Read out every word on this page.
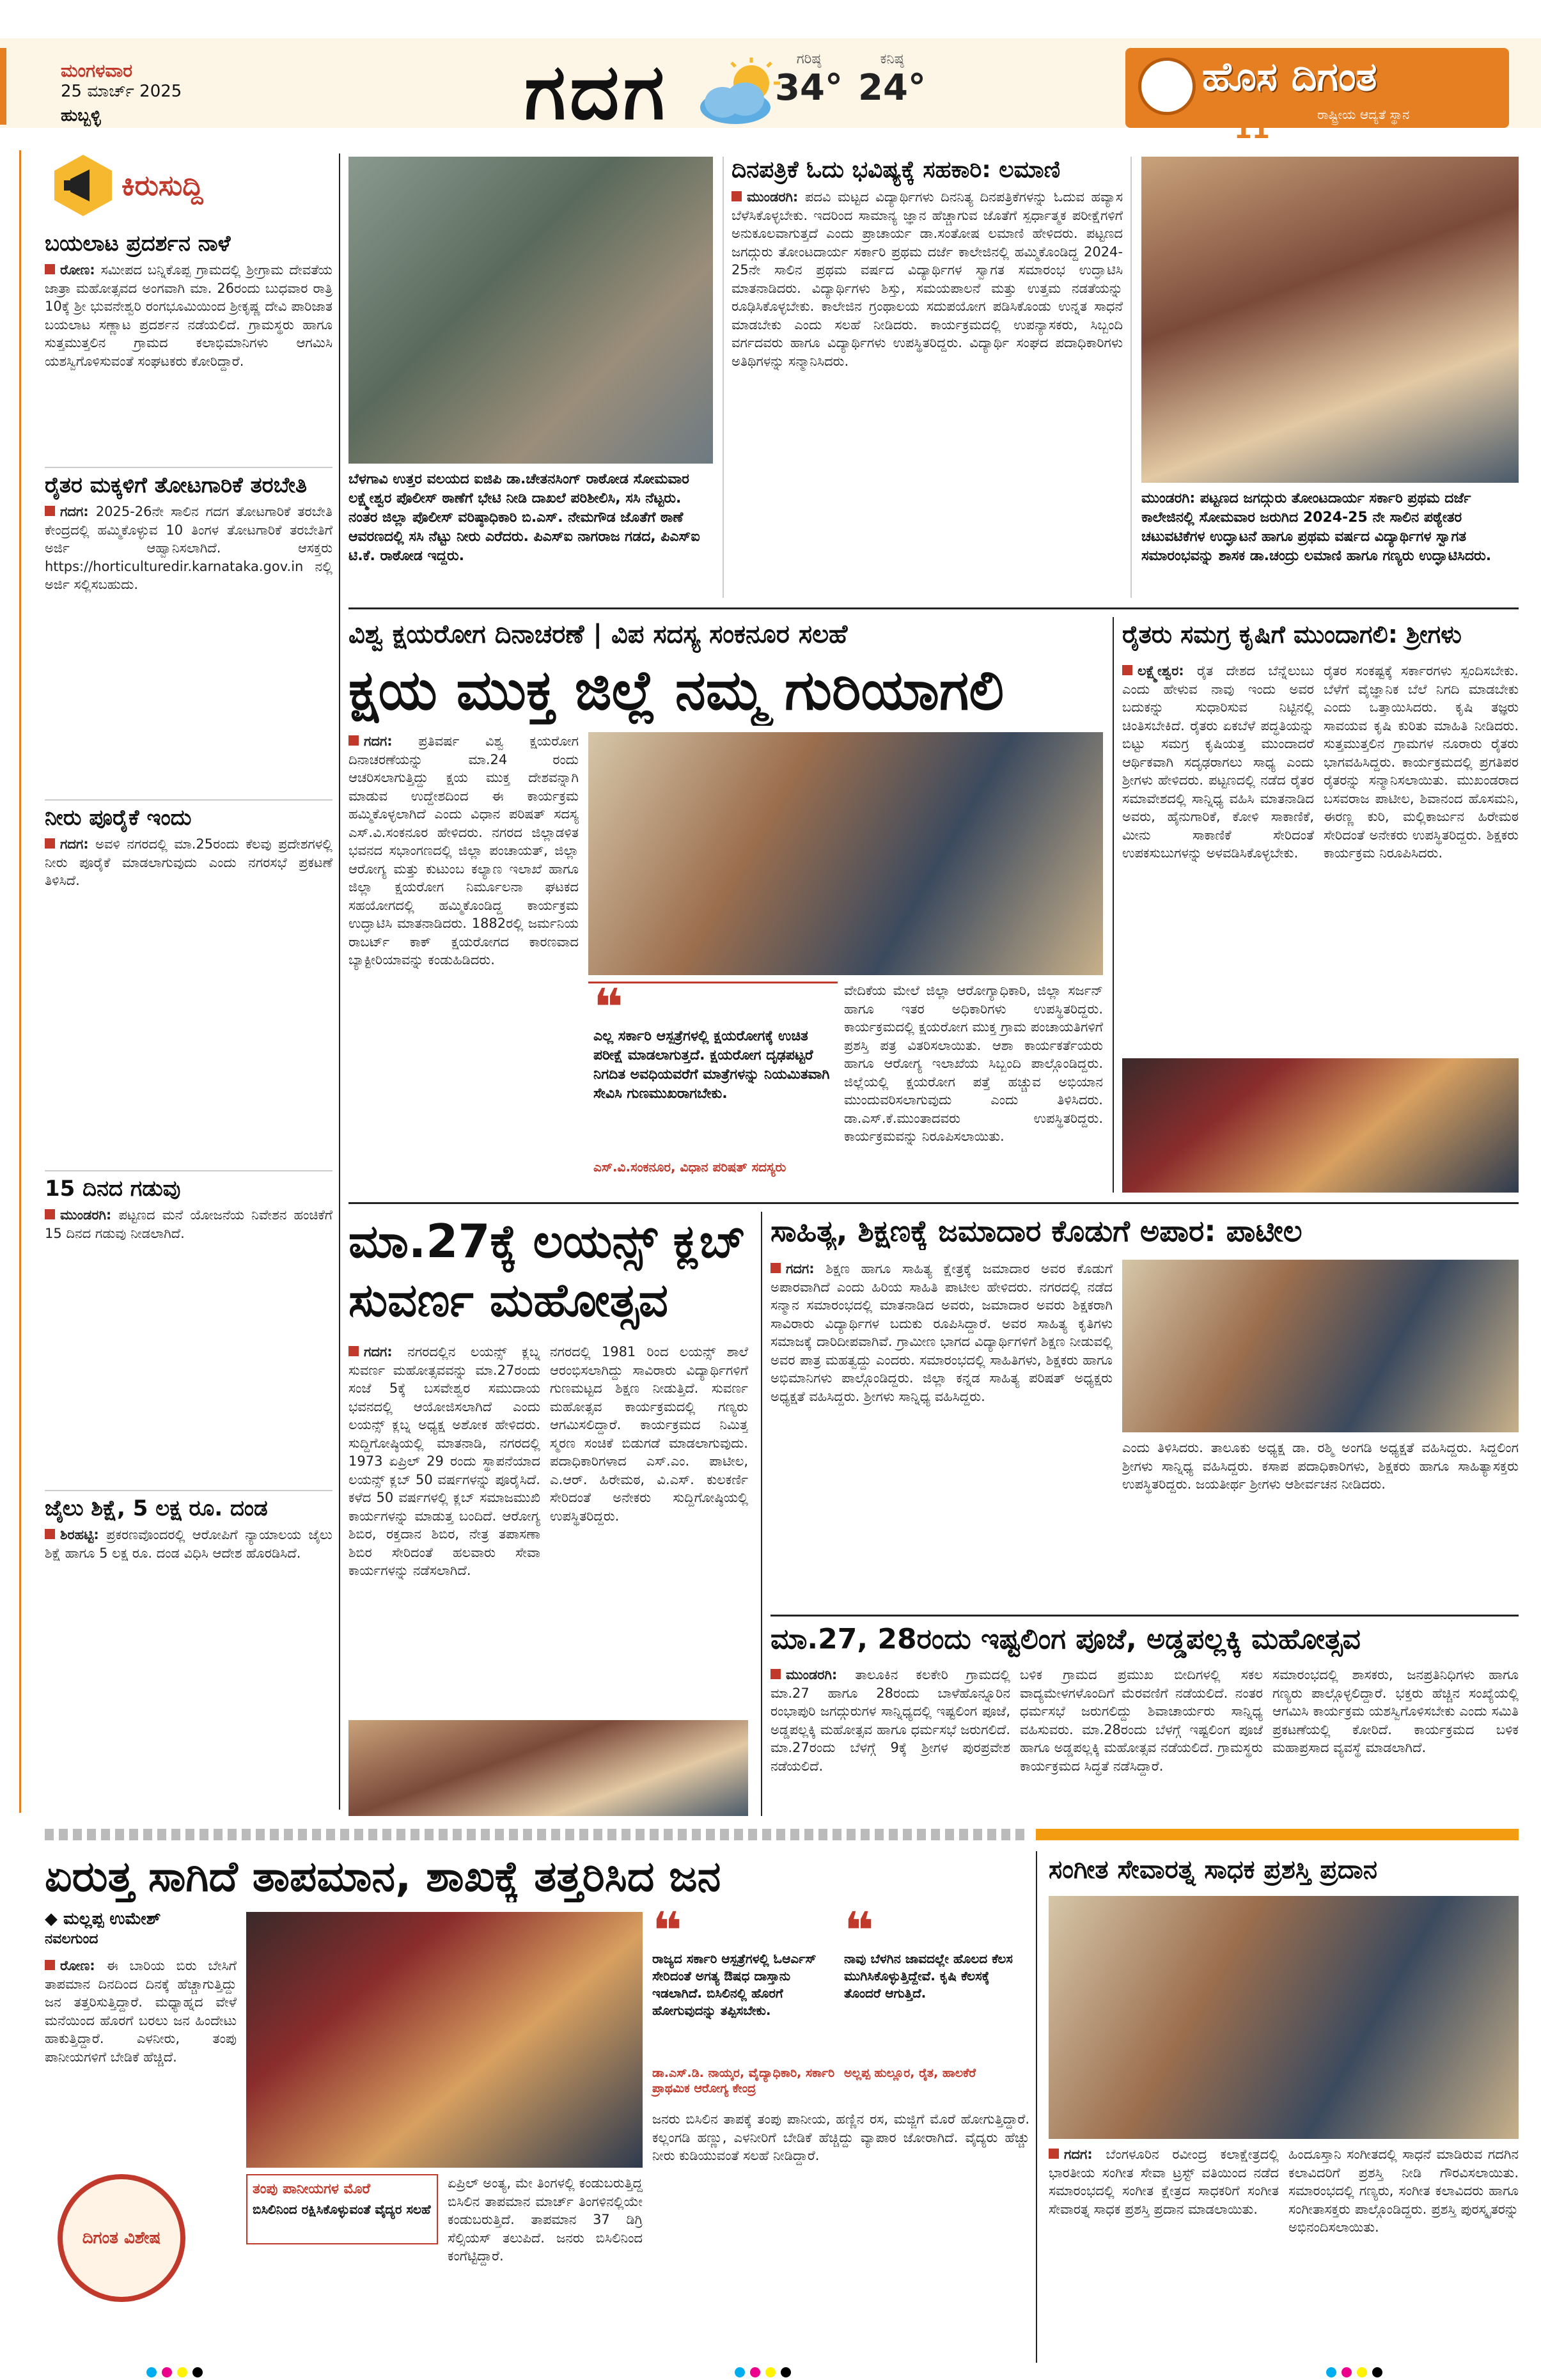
ಮಂಗಳವಾರ
25 ಮಾರ್ಚ್ 2025
ಹುಬ್ಬಳ್ಳಿ	ಗದಗ	ಗರಿಷ್ಠ
34°
ಕನಿಷ್ಠ
24°	ಹೊಸ ದಿಗಂತ
ರಾಷ್ಟ್ರೀಯ ಆದ್ಯತೆ ಸ್ಥಾನ
11
ಕಿರುಸುದ್ದಿ
ಬಯಲಾಟ ಪ್ರದರ್ಶನ ನಾಳೆ
ರೋಣ: ಸಮೀಪದ ಬನ್ನಿಕೊಪ್ಪ ಗ್ರಾಮದಲ್ಲಿ ಶ್ರೀಗ್ರಾಮ ದೇವತೆಯ ಜಾತ್ರಾ ಮಹೋತ್ಸವದ ಅಂಗವಾಗಿ ಮಾ. 26ರಂದು ಬುಧವಾರ ರಾತ್ರಿ 10ಕ್ಕೆ ಶ್ರೀ ಭುವನೇಶ್ವರಿ ರಂಗಭೂಮಿಯಿಂದ ಶ್ರೀಕೃಷ್ಣ ದೇವಿ ಪಾರಿಜಾತ ಬಯಲಾಟ ಸಣ್ಣಾಟ ಪ್ರದರ್ಶನ ನಡೆಯಲಿದೆ. ಗ್ರಾಮಸ್ಥರು ಹಾಗೂ ಸುತ್ತಮುತ್ತಲಿನ ಗ್ರಾಮದ ಕಲಾಭಿಮಾನಿಗಳು ಆಗಮಿಸಿ ಯಶಸ್ವಿಗೊಳಿಸುವಂತೆ ಸಂಘಟಕರು ಕೋರಿದ್ದಾರೆ.
ರೈತರ ಮಕ್ಕಳಿಗೆ ತೋಟಗಾರಿಕೆ ತರಬೇತಿ
ಗದಗ: 2025-26ನೇ ಸಾಲಿನ ಗದಗ ತೋಟಗಾರಿಕೆ ತರಬೇತಿ ಕೇಂದ್ರದಲ್ಲಿ ಹಮ್ಮಿಕೊಳ್ಳುವ 10 ತಿಂಗಳ ತೋಟಗಾರಿಕೆ ತರಬೇತಿಗೆ ಅರ್ಜಿ ಆಹ್ವಾನಿಸಲಾಗಿದೆ. ಆಸಕ್ತರು https://horticulturedir.karnataka.gov.in ನಲ್ಲಿ ಅರ್ಜಿ ಸಲ್ಲಿಸಬಹುದು.
ನೀರು ಪೂರೈಕೆ ಇಂದು
ಗದಗ: ಅವಳಿ ನಗರದಲ್ಲಿ ಮಾ.25ರಂದು ಕೆಲವು ಪ್ರದೇಶಗಳಲ್ಲಿ ನೀರು ಪೂರೈಕೆ ಮಾಡಲಾಗುವುದು ಎಂದು ನಗರಸಭೆ ಪ್ರಕಟಣೆ ತಿಳಿಸಿದೆ.
15 ದಿನದ ಗಡುವು
ಮುಂಡರಗಿ: ಪಟ್ಟಣದ ಮನೆ ಯೋಜನೆಯ ನಿವೇಶನ ಹಂಚಿಕೆಗೆ 15 ದಿನದ ಗಡುವು ನೀಡಲಾಗಿದೆ.
ಜೈಲು ಶಿಕ್ಷೆ, 5 ಲಕ್ಷ ರೂ. ದಂಡ
ಶಿರಹಟ್ಟಿ: ಪ್ರಕರಣವೊಂದರಲ್ಲಿ ಆರೋಪಿಗೆ ನ್ಯಾಯಾಲಯ ಜೈಲು ಶಿಕ್ಷೆ ಹಾಗೂ 5 ಲಕ್ಷ ರೂ. ದಂಡ ವಿಧಿಸಿ ಆದೇಶ ಹೊರಡಿಸಿದೆ.
ಬೆಳಗಾವಿ ಉತ್ತರ ವಲಯದ ಐಜಿಪಿ ಡಾ.ಚೇತನಸಿಂಗ್ ರಾಠೋಡ ಸೋಮವಾರ ಲಕ್ಷ್ಮೇಶ್ವರ ಪೊಲೀಸ್ ಠಾಣೆಗೆ ಭೇಟಿ ನೀಡಿ ದಾಖಲೆ ಪರಿಶೀಲಿಸಿ, ಸಸಿ ನೆಟ್ಟರು. ನಂತರ ಜಿಲ್ಲಾ ಪೊಲೀಸ್ ವರಿಷ್ಠಾಧಿಕಾರಿ ಬಿ.ಎಸ್. ನೇಮಗೌಡ ಜೊತೆಗೆ ಠಾಣೆ ಆವರಣದಲ್ಲಿ ಸಸಿ ನೆಟ್ಟು ನೀರು ಎರೆದರು. ಪಿಎಸ್ಐ ನಾಗರಾಜ ಗಡದ, ಪಿಎಸ್ಐ ಟಿ.ಕೆ. ರಾಠೋಡ ಇದ್ದರು.
ದಿನಪತ್ರಿಕೆ ಓದು ಭವಿಷ್ಯಕ್ಕೆ ಸಹಕಾರಿ: ಲಮಾಣಿ
ಮುಂಡರಗಿ: ಪದವಿ ಮಟ್ಟದ ವಿದ್ಯಾರ್ಥಿಗಳು ದಿನನಿತ್ಯ ದಿನಪತ್ರಿಕೆಗಳನ್ನು ಓದುವ ಹವ್ಯಾಸ ಬೆಳೆಸಿಕೊಳ್ಳಬೇಕು. ಇದರಿಂದ ಸಾಮಾನ್ಯ ಜ್ಞಾನ ಹೆಚ್ಚಾಗುವ ಜೊತೆಗೆ ಸ್ಪರ್ಧಾತ್ಮಕ ಪರೀಕ್ಷೆಗಳಿಗೆ ಅನುಕೂಲವಾಗುತ್ತದೆ ಎಂದು ಪ್ರಾಚಾರ್ಯ ಡಾ.ಸಂತೋಷ ಲಮಾಣಿ ಹೇಳಿದರು. ಪಟ್ಟಣದ ಜಗದ್ಗುರು ತೋಂಟದಾರ್ಯ ಸರ್ಕಾರಿ ಪ್ರಥಮ ದರ್ಜೆ ಕಾಲೇಜಿನಲ್ಲಿ ಹಮ್ಮಿಕೊಂಡಿದ್ದ 2024-25ನೇ ಸಾಲಿನ ಪ್ರಥಮ ವರ್ಷದ ವಿದ್ಯಾರ್ಥಿಗಳ ಸ್ವಾಗತ ಸಮಾರಂಭ ಉದ್ಘಾಟಿಸಿ ಮಾತನಾಡಿದರು. ವಿದ್ಯಾರ್ಥಿಗಳು ಶಿಸ್ತು, ಸಮಯಪಾಲನೆ ಮತ್ತು ಉತ್ತಮ ನಡತೆಯನ್ನು ರೂಢಿಸಿಕೊಳ್ಳಬೇಕು. ಕಾಲೇಜಿನ ಗ್ರಂಥಾಲಯ ಸದುಪಯೋಗ ಪಡಿಸಿಕೊಂಡು ಉನ್ನತ ಸಾಧನೆ ಮಾಡಬೇಕು ಎಂದು ಸಲಹೆ ನೀಡಿದರು. ಕಾರ್ಯಕ್ರಮದಲ್ಲಿ ಉಪನ್ಯಾಸಕರು, ಸಿಬ್ಬಂದಿ ವರ್ಗದವರು ಹಾಗೂ ವಿದ್ಯಾರ್ಥಿಗಳು ಉಪಸ್ಥಿತರಿದ್ದರು. ವಿದ್ಯಾರ್ಥಿ ಸಂಘದ ಪದಾಧಿಕಾರಿಗಳು ಅತಿಥಿಗಳನ್ನು ಸನ್ಮಾನಿಸಿದರು.
ಮುಂಡರಗಿ: ಪಟ್ಟಣದ ಜಗದ್ಗುರು ತೋಂಟದಾರ್ಯ ಸರ್ಕಾರಿ ಪ್ರಥಮ ದರ್ಜೆ ಕಾಲೇಜಿನಲ್ಲಿ ಸೋಮವಾರ ಜರುಗಿದ 2024-25 ನೇ ಸಾಲಿನ ಪಠ್ಯೇತರ ಚಟುವಟಿಕೆಗಳ ಉದ್ಘಾಟನೆ ಹಾಗೂ ಪ್ರಥಮ ವರ್ಷದ ವಿದ್ಯಾರ್ಥಿಗಳ ಸ್ವಾಗತ ಸಮಾರಂಭವನ್ನು ಶಾಸಕ ಡಾ.ಚಂದ್ರು ಲಮಾಣಿ ಹಾಗೂ ಗಣ್ಯರು ಉದ್ಘಾಟಿಸಿದರು.
ವಿಶ್ವ ಕ್ಷಯರೋಗ ದಿನಾಚರಣೆ | ವಿಪ ಸದಸ್ಯ ಸಂಕನೂರ ಸಲಹೆ
ಕ್ಷಯ ಮುಕ್ತ ಜಿಲ್ಲೆ ನಮ್ಮ ಗುರಿಯಾಗಲಿ
ಗದಗ: ಪ್ರತಿವರ್ಷ ವಿಶ್ವ ಕ್ಷಯರೋಗ ದಿನಾಚರಣೆಯನ್ನು ಮಾ.24 ರಂದು ಆಚರಿಸಲಾಗುತ್ತಿದ್ದು ಕ್ಷಯ ಮುಕ್ತ ದೇಶವನ್ನಾಗಿ ಮಾಡುವ ಉದ್ದೇಶದಿಂದ ಈ ಕಾರ್ಯಕ್ರಮ ಹಮ್ಮಿಕೊಳ್ಳಲಾಗಿದೆ ಎಂದು ವಿಧಾನ ಪರಿಷತ್ ಸದಸ್ಯ ಎಸ್.ವಿ.ಸಂಕನೂರ ಹೇಳಿದರು. ನಗರದ ಜಿಲ್ಲಾಡಳಿತ ಭವನದ ಸಭಾಂಗಣದಲ್ಲಿ ಜಿಲ್ಲಾ ಪಂಚಾಯತ್, ಜಿಲ್ಲಾ ಆರೋಗ್ಯ ಮತ್ತು ಕುಟುಂಬ ಕಲ್ಯಾಣ ಇಲಾಖೆ ಹಾಗೂ ಜಿಲ್ಲಾ ಕ್ಷಯರೋಗ ನಿರ್ಮೂಲನಾ ಘಟಕದ ಸಹಯೋಗದಲ್ಲಿ ಹಮ್ಮಿಕೊಂಡಿದ್ದ ಕಾರ್ಯಕ್ರಮ ಉದ್ಘಾಟಿಸಿ ಮಾತನಾಡಿದರು. 1882ರಲ್ಲಿ ಜರ್ಮನಿಯ ರಾಬರ್ಟ್ ಕಾಕ್ ಕ್ಷಯರೋಗದ ಕಾರಣವಾದ ಬ್ಯಾಕ್ಟೀರಿಯಾವನ್ನು ಕಂಡುಹಿಡಿದರು.
❝
ಎಲ್ಲ ಸರ್ಕಾರಿ ಆಸ್ಪತ್ರೆಗಳಲ್ಲಿ ಕ್ಷಯರೋಗಕ್ಕೆ ಉಚಿತ ಪರೀಕ್ಷೆ ಮಾಡಲಾಗುತ್ತದೆ. ಕ್ಷಯರೋಗ ದೃಢಪಟ್ಟರೆ ನಿಗದಿತ ಅವಧಿಯವರೆಗೆ ಮಾತ್ರೆಗಳನ್ನು ನಿಯಮಿತವಾಗಿ ಸೇವಿಸಿ ಗುಣಮುಖರಾಗಬೇಕು.
ಎಸ್.ವಿ.ಸಂಕನೂರ, ವಿಧಾನ ಪರಿಷತ್ ಸದಸ್ಯರು
ವೇದಿಕೆಯ ಮೇಲೆ ಜಿಲ್ಲಾ ಆರೋಗ್ಯಾಧಿಕಾರಿ, ಜಿಲ್ಲಾ ಸರ್ಜನ್ ಹಾಗೂ ಇತರ ಅಧಿಕಾರಿಗಳು ಉಪಸ್ಥಿತರಿದ್ದರು. ಕಾರ್ಯಕ್ರಮದಲ್ಲಿ ಕ್ಷಯರೋಗ ಮುಕ್ತ ಗ್ರಾಮ ಪಂಚಾಯತಿಗಳಿಗೆ ಪ್ರಶಸ್ತಿ ಪತ್ರ ವಿತರಿಸಲಾಯಿತು. ಆಶಾ ಕಾರ್ಯಕರ್ತೆಯರು ಹಾಗೂ ಆರೋಗ್ಯ ಇಲಾಖೆಯ ಸಿಬ್ಬಂದಿ ಪಾಲ್ಗೊಂಡಿದ್ದರು. ಜಿಲ್ಲೆಯಲ್ಲಿ ಕ್ಷಯರೋಗ ಪತ್ತೆ ಹಚ್ಚುವ ಅಭಿಯಾನ ಮುಂದುವರಿಸಲಾಗುವುದು ಎಂದು ತಿಳಿಸಿದರು. ಡಾ.ಎಸ್.ಕೆ.ಮುಂತಾದವರು ಉಪಸ್ಥಿತರಿದ್ದರು. ಕಾರ್ಯಕ್ರಮವನ್ನು ನಿರೂಪಿಸಲಾಯಿತು.
ರೈತರು ಸಮಗ್ರ ಕೃಷಿಗೆ ಮುಂದಾಗಲಿ: ಶ್ರೀಗಳು
ಲಕ್ಷ್ಮೇಶ್ವರ: ರೈತ ದೇಶದ ಬೆನ್ನೆಲುಬು ಎಂದು ಹೇಳುವ ನಾವು ಇಂದು ಅವರ ಬದುಕನ್ನು ಸುಧಾರಿಸುವ ನಿಟ್ಟಿನಲ್ಲಿ ಚಿಂತಿಸಬೇಕಿದೆ. ರೈತರು ಏಕಬೆಳೆ ಪದ್ಧತಿಯನ್ನು ಬಿಟ್ಟು ಸಮಗ್ರ ಕೃಷಿಯತ್ತ ಮುಂದಾದರೆ ಆರ್ಥಿಕವಾಗಿ ಸದೃಢರಾಗಲು ಸಾಧ್ಯ ಎಂದು ಶ್ರೀಗಳು ಹೇಳಿದರು. ಪಟ್ಟಣದಲ್ಲಿ ನಡೆದ ರೈತರ ಸಮಾವೇಶದಲ್ಲಿ ಸಾನ್ನಿಧ್ಯ ವಹಿಸಿ ಮಾತನಾಡಿದ ಅವರು, ಹೈನುಗಾರಿಕೆ, ಕೋಳಿ ಸಾಕಾಣಿಕೆ, ಮೀನು ಸಾಕಾಣಿಕೆ ಸೇರಿದಂತೆ ಉಪಕಸುಬುಗಳನ್ನು ಅಳವಡಿಸಿಕೊಳ್ಳಬೇಕು.
ರೈತರ ಸಂಕಷ್ಟಕ್ಕೆ ಸರ್ಕಾರಗಳು ಸ್ಪಂದಿಸಬೇಕು. ಬೆಳೆಗೆ ವೈಜ್ಞಾನಿಕ ಬೆಲೆ ನಿಗದಿ ಮಾಡಬೇಕು ಎಂದು ಒತ್ತಾಯಿಸಿದರು. ಕೃಷಿ ತಜ್ಞರು ಸಾವಯವ ಕೃಷಿ ಕುರಿತು ಮಾಹಿತಿ ನೀಡಿದರು. ಸುತ್ತಮುತ್ತಲಿನ ಗ್ರಾಮಗಳ ನೂರಾರು ರೈತರು ಭಾಗವಹಿಸಿದ್ದರು. ಕಾರ್ಯಕ್ರಮದಲ್ಲಿ ಪ್ರಗತಿಪರ ರೈತರನ್ನು ಸನ್ಮಾನಿಸಲಾಯಿತು. ಮುಖಂಡರಾದ ಬಸವರಾಜ ಪಾಟೀಲ, ಶಿವಾನಂದ ಹೊಸಮನಿ, ಈರಣ್ಣ ಕುರಿ, ಮಲ್ಲಿಕಾರ್ಜುನ ಹಿರೇಮಠ ಸೇರಿದಂತೆ ಅನೇಕರು ಉಪಸ್ಥಿತರಿದ್ದರು. ಶಿಕ್ಷಕರು ಕಾರ್ಯಕ್ರಮ ನಿರೂಪಿಸಿದರು.
ಮಾ.27ಕ್ಕೆ ಲಯನ್ಸ್ ಕ್ಲಬ್ ಸುವರ್ಣ ಮಹೋತ್ಸವ
ಗದಗ: ನಗರದಲ್ಲಿನ ಲಯನ್ಸ್ ಕ್ಲಬ್ನ ಸುವರ್ಣ ಮಹೋತ್ಸವವನ್ನು ಮಾ.27ರಂದು ಸಂಜೆ 5ಕ್ಕೆ ಬಸವೇಶ್ವರ ಸಮುದಾಯ ಭವನದಲ್ಲಿ ಆಯೋಜಿಸಲಾಗಿದೆ ಎಂದು ಲಯನ್ಸ್ ಕ್ಲಬ್ನ ಅಧ್ಯಕ್ಷ ಅಶೋಕ ಹೇಳಿದರು. ಸುದ್ದಿಗೋಷ್ಠಿಯಲ್ಲಿ ಮಾತನಾಡಿ, ನಗರದಲ್ಲಿ 1973 ಏಪ್ರಿಲ್ 29 ರಂದು ಸ್ಥಾಪನೆಯಾದ ಲಯನ್ಸ್ ಕ್ಲಬ್ 50 ವರ್ಷಗಳನ್ನು ಪೂರೈಸಿದೆ. ಕಳೆದ 50 ವರ್ಷಗಳಲ್ಲಿ ಕ್ಲಬ್ ಸಮಾಜಮುಖಿ ಕಾರ್ಯಗಳನ್ನು ಮಾಡುತ್ತ ಬಂದಿದೆ. ಆರೋಗ್ಯ ಶಿಬಿರ, ರಕ್ತದಾನ ಶಿಬಿರ, ನೇತ್ರ ತಪಾಸಣಾ ಶಿಬಿರ ಸೇರಿದಂತೆ ಹಲವಾರು ಸೇವಾ ಕಾರ್ಯಗಳನ್ನು ನಡೆಸಲಾಗಿದೆ.
ನಗರದಲ್ಲಿ 1981 ರಿಂದ ಲಯನ್ಸ್ ಶಾಲೆ ಆರಂಭಿಸಲಾಗಿದ್ದು ಸಾವಿರಾರು ವಿದ್ಯಾರ್ಥಿಗಳಿಗೆ ಗುಣಮಟ್ಟದ ಶಿಕ್ಷಣ ನೀಡುತ್ತಿದೆ. ಸುವರ್ಣ ಮಹೋತ್ಸವ ಕಾರ್ಯಕ್ರಮದಲ್ಲಿ ಗಣ್ಯರು ಆಗಮಿಸಲಿದ್ದಾರೆ. ಕಾರ್ಯಕ್ರಮದ ನಿಮಿತ್ತ ಸ್ಮರಣ ಸಂಚಿಕೆ ಬಿಡುಗಡೆ ಮಾಡಲಾಗುವುದು. ಪದಾಧಿಕಾರಿಗಳಾದ ಎಸ್.ಎಂ. ಪಾಟೀಲ, ಎ.ಆರ್. ಹಿರೇಮಠ, ವಿ.ಎಸ್. ಕುಲಕರ್ಣಿ ಸೇರಿದಂತೆ ಅನೇಕರು ಸುದ್ದಿಗೋಷ್ಠಿಯಲ್ಲಿ ಉಪಸ್ಥಿತರಿದ್ದರು.
ಸಾಹಿತ್ಯ, ಶಿಕ್ಷಣಕ್ಕೆ ಜಮಾದಾರ ಕೊಡುಗೆ ಅಪಾರ: ಪಾಟೀಲ
ಗದಗ: ಶಿಕ್ಷಣ ಹಾಗೂ ಸಾಹಿತ್ಯ ಕ್ಷೇತ್ರಕ್ಕೆ ಜಮಾದಾರ ಅವರ ಕೊಡುಗೆ ಅಪಾರವಾಗಿದೆ ಎಂದು ಹಿರಿಯ ಸಾಹಿತಿ ಪಾಟೀಲ ಹೇಳಿದರು. ನಗರದಲ್ಲಿ ನಡೆದ ಸನ್ಮಾನ ಸಮಾರಂಭದಲ್ಲಿ ಮಾತನಾಡಿದ ಅವರು, ಜಮಾದಾರ ಅವರು ಶಿಕ್ಷಕರಾಗಿ ಸಾವಿರಾರು ವಿದ್ಯಾರ್ಥಿಗಳ ಬದುಕು ರೂಪಿಸಿದ್ದಾರೆ. ಅವರ ಸಾಹಿತ್ಯ ಕೃತಿಗಳು ಸಮಾಜಕ್ಕೆ ದಾರಿದೀಪವಾಗಿವೆ. ಗ್ರಾಮೀಣ ಭಾಗದ ವಿದ್ಯಾರ್ಥಿಗಳಿಗೆ ಶಿಕ್ಷಣ ನೀಡುವಲ್ಲಿ ಅವರ ಪಾತ್ರ ಮಹತ್ವದ್ದು ಎಂದರು. ಸಮಾರಂಭದಲ್ಲಿ ಸಾಹಿತಿಗಳು, ಶಿಕ್ಷಕರು ಹಾಗೂ ಅಭಿಮಾನಿಗಳು ಪಾಲ್ಗೊಂಡಿದ್ದರು. ಜಿಲ್ಲಾ ಕನ್ನಡ ಸಾಹಿತ್ಯ ಪರಿಷತ್ ಅಧ್ಯಕ್ಷರು ಅಧ್ಯಕ್ಷತೆ ವಹಿಸಿದ್ದರು. ಶ್ರೀಗಳು ಸಾನ್ನಿಧ್ಯ ವಹಿಸಿದ್ದರು.
ಎಂದು ತಿಳಿಸಿದರು. ತಾಲೂಕು ಅಧ್ಯಕ್ಷ ಡಾ. ರಶ್ಮಿ ಅಂಗಡಿ ಅಧ್ಯಕ್ಷತೆ ವಹಿಸಿದ್ದರು. ಸಿದ್ದಲಿಂಗ ಶ್ರೀಗಳು ಸಾನ್ನಿಧ್ಯ ವಹಿಸಿದ್ದರು. ಕಸಾಪ ಪದಾಧಿಕಾರಿಗಳು, ಶಿಕ್ಷಕರು ಹಾಗೂ ಸಾಹಿತ್ಯಾಸಕ್ತರು ಉಪಸ್ಥಿತರಿದ್ದರು. ಜಯತೀರ್ಥ ಶ್ರೀಗಳು ಆಶೀರ್ವಚನ ನೀಡಿದರು.
ಮಾ.27, 28ರಂದು ಇಷ್ಟಲಿಂಗ ಪೂಜೆ, ಅಡ್ಡಪಲ್ಲಕ್ಕಿ ಮಹೋತ್ಸವ
ಮುಂಡರಗಿ: ತಾಲೂಕಿನ ಕಲಕೇರಿ ಗ್ರಾಮದಲ್ಲಿ ಮಾ.27 ಹಾಗೂ 28ರಂದು ಬಾಳೆಹೊನ್ನೂರಿನ ರಂಭಾಪುರಿ ಜಗದ್ಗುರುಗಳ ಸಾನ್ನಿಧ್ಯದಲ್ಲಿ ಇಷ್ಟಲಿಂಗ ಪೂಜೆ, ಅಡ್ಡಪಲ್ಲಕ್ಕಿ ಮಹೋತ್ಸವ ಹಾಗೂ ಧರ್ಮಸಭೆ ಜರುಗಲಿದೆ. ಮಾ.27ರಂದು ಬೆಳಗ್ಗೆ 9ಕ್ಕೆ ಶ್ರೀಗಳ ಪುರಪ್ರವೇಶ ನಡೆಯಲಿದೆ.
ಬಳಿಕ ಗ್ರಾಮದ ಪ್ರಮುಖ ಬೀದಿಗಳಲ್ಲಿ ಸಕಲ ವಾದ್ಯಮೇಳಗಳೊಂದಿಗೆ ಮೆರವಣಿಗೆ ನಡೆಯಲಿದೆ. ನಂತರ ಧರ್ಮಸಭೆ ಜರುಗಲಿದ್ದು ಶಿವಾಚಾರ್ಯರು ಸಾನ್ನಿಧ್ಯ ವಹಿಸುವರು. ಮಾ.28ರಂದು ಬೆಳಗ್ಗೆ ಇಷ್ಟಲಿಂಗ ಪೂಜೆ ಹಾಗೂ ಅಡ್ಡಪಲ್ಲಕ್ಕಿ ಮಹೋತ್ಸವ ನಡೆಯಲಿದೆ. ಗ್ರಾಮಸ್ಥರು ಕಾರ್ಯಕ್ರಮದ ಸಿದ್ಧತೆ ನಡೆಸಿದ್ದಾರೆ.
ಸಮಾರಂಭದಲ್ಲಿ ಶಾಸಕರು, ಜನಪ್ರತಿನಿಧಿಗಳು ಹಾಗೂ ಗಣ್ಯರು ಪಾಲ್ಗೊಳ್ಳಲಿದ್ದಾರೆ. ಭಕ್ತರು ಹೆಚ್ಚಿನ ಸಂಖ್ಯೆಯಲ್ಲಿ ಆಗಮಿಸಿ ಕಾರ್ಯಕ್ರಮ ಯಶಸ್ವಿಗೊಳಿಸಬೇಕು ಎಂದು ಸಮಿತಿ ಪ್ರಕಟಣೆಯಲ್ಲಿ ಕೋರಿದೆ. ಕಾರ್ಯಕ್ರಮದ ಬಳಿಕ ಮಹಾಪ್ರಸಾದ ವ್ಯವಸ್ಥೆ ಮಾಡಲಾಗಿದೆ.
ಏರುತ್ತ ಸಾಗಿದೆ ತಾಪಮಾನ, ಶಾಖಕ್ಕೆ ತತ್ತರಿಸಿದ ಜನ
◆ ಮಲ್ಲಪ್ಪ ಉಮೇಶ್
ನವಲಗುಂದ
ರೋಣ: ಈ ಬಾರಿಯ ಬಿರು ಬೇಸಿಗೆ ತಾಪಮಾನ ದಿನದಿಂದ ದಿನಕ್ಕೆ ಹೆಚ್ಚಾಗುತ್ತಿದ್ದು ಜನ ತತ್ತರಿಸುತ್ತಿದ್ದಾರೆ. ಮಧ್ಯಾಹ್ನದ ವೇಳೆ ಮನೆಯಿಂದ ಹೊರಗೆ ಬರಲು ಜನ ಹಿಂದೇಟು ಹಾಕುತ್ತಿದ್ದಾರೆ. ಎಳನೀರು, ತಂಪು ಪಾನೀಯಗಳಿಗೆ ಬೇಡಿಕೆ ಹೆಚ್ಚಿದೆ.
ದಿಗಂತ ವಿಶೇಷ
ತಂಪು ಪಾನೀಯಗಳ ಮೊರೆ
ಬಿಸಿಲಿನಿಂದ ರಕ್ಷಿಸಿಕೊಳ್ಳುವಂತೆ ವೈದ್ಯರ ಸಲಹೆ
ಏಪ್ರಿಲ್ ಅಂತ್ಯ, ಮೇ ತಿಂಗಳಲ್ಲಿ ಕಂಡುಬರುತ್ತಿದ್ದ ಬಿಸಿಲಿನ ತಾಪಮಾನ ಮಾರ್ಚ್ ತಿಂಗಳಿನಲ್ಲಿಯೇ ಕಂಡುಬರುತ್ತಿದೆ. ತಾಪಮಾನ 37 ಡಿಗ್ರಿ ಸೆಲ್ಸಿಯಸ್ ತಲುಪಿದೆ. ಜನರು ಬಿಸಿಲಿನಿಂದ ಕಂಗೆಟ್ಟಿದ್ದಾರೆ.
❝
ರಾಜ್ಯದ ಸರ್ಕಾರಿ ಆಸ್ಪತ್ರೆಗಳಲ್ಲಿ ಓಆರ್ಎಸ್ ಸೇರಿದಂತೆ ಅಗತ್ಯ ಔಷಧ ದಾಸ್ತಾನು ಇಡಲಾಗಿದೆ. ಬಿಸಿಲಿನಲ್ಲಿ ಹೊರಗೆ ಹೋಗುವುದನ್ನು ತಪ್ಪಿಸಬೇಕು.
ಡಾ.ಎಸ್.ಡಿ. ನಾಯ್ಕರ, ವೈದ್ಯಾಧಿಕಾರಿ, ಸರ್ಕಾರಿ ಪ್ರಾಥಮಿಕ ಆರೋಗ್ಯ ಕೇಂದ್ರ
❝
ನಾವು ಬೆಳಗಿನ ಜಾವದಲ್ಲೇ ಹೊಲದ ಕೆಲಸ ಮುಗಿಸಿಕೊಳ್ಳುತ್ತಿದ್ದೇವೆ. ಕೃಷಿ ಕೆಲಸಕ್ಕೆ ತೊಂದರೆ ಆಗುತ್ತಿದೆ.
ಅಲ್ಲಪ್ಪ ಹುಲ್ಲೂರ, ರೈತ, ಹಾಲಕೆರೆ
ಜನರು ಬಿಸಿಲಿನ ತಾಪಕ್ಕೆ ತಂಪು ಪಾನೀಯ, ಹಣ್ಣಿನ ರಸ, ಮಜ್ಜಿಗೆ ಮೊರೆ ಹೋಗುತ್ತಿದ್ದಾರೆ. ಕಲ್ಲಂಗಡಿ ಹಣ್ಣು, ಎಳನೀರಿಗೆ ಬೇಡಿಕೆ ಹೆಚ್ಚಿದ್ದು ವ್ಯಾಪಾರ ಜೋರಾಗಿದೆ. ವೈದ್ಯರು ಹೆಚ್ಚು ನೀರು ಕುಡಿಯುವಂತೆ ಸಲಹೆ ನೀಡಿದ್ದಾರೆ.
ಸಂಗೀತ ಸೇವಾರತ್ನ ಸಾಧಕ ಪ್ರಶಸ್ತಿ ಪ್ರದಾನ
ಗದಗ: ಬೆಂಗಳೂರಿನ ರವೀಂದ್ರ ಕಲಾಕ್ಷೇತ್ರದಲ್ಲಿ ಭಾರತೀಯ ಸಂಗೀತ ಸೇವಾ ಟ್ರಸ್ಟ್ ವತಿಯಿಂದ ನಡೆದ ಸಮಾರಂಭದಲ್ಲಿ ಸಂಗೀತ ಕ್ಷೇತ್ರದ ಸಾಧಕರಿಗೆ ಸಂಗೀತ ಸೇವಾರತ್ನ ಸಾಧಕ ಪ್ರಶಸ್ತಿ ಪ್ರದಾನ ಮಾಡಲಾಯಿತು.
ಹಿಂದೂಸ್ತಾನಿ ಸಂಗೀತದಲ್ಲಿ ಸಾಧನೆ ಮಾಡಿರುವ ಗದಗಿನ ಕಲಾವಿದರಿಗೆ ಪ್ರಶಸ್ತಿ ನೀಡಿ ಗೌರವಿಸಲಾಯಿತು. ಸಮಾರಂಭದಲ್ಲಿ ಗಣ್ಯರು, ಸಂಗೀತ ಕಲಾವಿದರು ಹಾಗೂ ಸಂಗೀತಾಸಕ್ತರು ಪಾಲ್ಗೊಂಡಿದ್ದರು. ಪ್ರಶಸ್ತಿ ಪುರಸ್ಕೃತರನ್ನು ಅಭಿನಂದಿಸಲಾಯಿತು.
